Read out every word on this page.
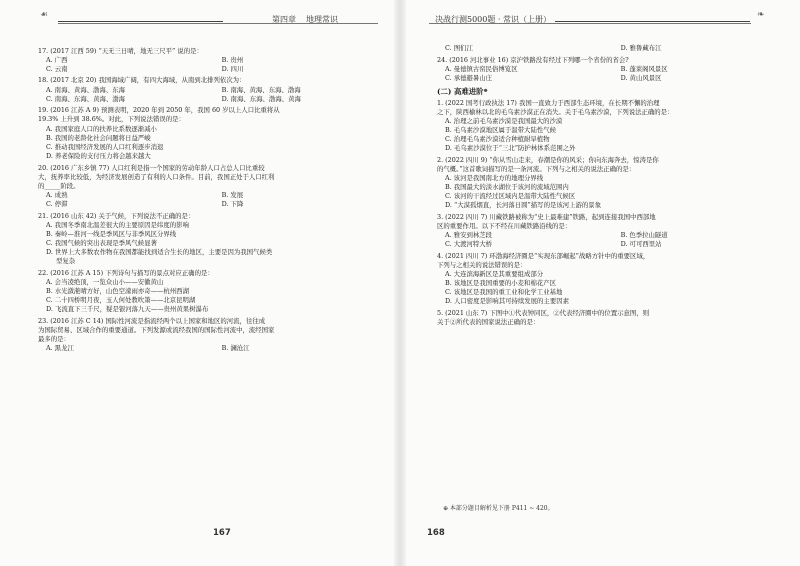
☙	第四章 地理常识
17. (2017 江西 59) “天无三日晴，地无三尺平” 说的是：
A. 广西	B. 贵州
C. 云南	D. 四川
18. (2017 北京 20) 我国海域广阔，有四大海域，从南到北排列依次为：
A. 南海、黄海、渤海、东海	B. 南海、黄海、东海、渤海
C. 南海、东海、黄海、渤海	D. 南海、东海、渤海、黄海
19. (2016 江苏 A 9) 预测表明，2020 年到 2050 年，我国 60 岁以上人口比重将从
19.3% 上升到 38.6%。对此，下列说法错误的是：
A. 我国家庭人口的扶养比系数逐渐减小
B. 我国的老龄化社会问题将日益严峻
C. 推动我国经济发展的人口红利逐步消退
D. 养老保险的支付压力将会越来越大
20. (2016 广东乡镇 77) 人口红利是指一个国家的劳动年龄人口占总人口比重较
大，抚养率比较低，为经济发展创造了有利的人口条件。目前，我国正处于人口红利
的_____阶段。
A. 成熟	B. 发展
C. 停滞	D. 下降
21. (2016 山东 42) 关于气候，下列说法不正确的是：
A. 我国冬季南北温差很大的主要原因是纬度的影响
B. 秦岭—淮河一线是季风区与非季风区分界线
C. 我国气候的突出表现是季风气候显著
D. 世界上大多数农作物在我国都能找到适合生长的地区，主要是因为我国气候类
型复杂
22. (2016 江苏 A 15) 下列诗句与描写的景点对应正确的是：
A. 会当凌绝顶，一览众山小——安徽黄山
B. 水光潋滟晴方好，山色空濛雨亦奇——杭州西湖
C. 二十四桥明月夜，玉人何处教吹箫——北京昆明湖
D. 飞流直下三千尺，疑是银河落九天——贵州黄果树瀑布
23. (2016 江苏 C 14) 国际性河流是指流经两个以上国家和地区的河流，往往成
为国际贸易、区域合作的重要通道。下列发源或流经我国的国际性河流中，流经国家
最多的是：
A. 黑龙江	B. 澜沧江
167
决战行测5000题 · 常识（上册）	❧
C. 图们江	D. 雅鲁藏布江
24. (2016 河北事业 16) 京沪铁路没有经过下列哪一个省份的省会?
A. 曼德镇古窑民俗博览区	B. 蓬莱阁风景区
C. 承德避暑山庄	D. 黄山风景区
(二) 高难进阶⊕
1. (2022 国考行政执法 17) 我国一直致力于西部生态环境，在长期不懈的治理
之下，陕西榆林以北的毛乌素沙漠正在消失。关于毛乌素沙漠，下列说法正确的是：
A. 治理之前毛乌素沙漠是我国最大的沙漠
B. 毛乌素沙漠地区属于温带大陆性气候
C. 治理毛乌素沙漠适合种植耐旱植物
D. 毛乌素沙漠位于“三北”防护林体系范围之外
2. (2022 四川 9) “你从雪山走来，春潮是你的风采；你向东海奔去，惊涛是你
的气概。”这首歌词描写的是一条河流。下列与之相关的说法正确的是：
A. 该河是我国南北方的地理分界线
B. 我国最大的淡水湖位于该河的流域范围内
C. 该河的干流经过区域内是温带大陆性气候区
D. “大漠孤烟直，长河落日圆”描写的是该河上游的景象
3. (2022 四川 7) 川藏铁路被称为“史上最难建”铁路，起到连接我国中西部地
区的重要作用。以下不经在川藏铁路沿线的是：
A. 雅安到林芝段	B. 色季拉山隧道
C. 大渡河特大桥	D. 可可西里站
4. (2021 四川 7) 环渤海经济圈是“实现东部崛起”战略方针中的重要区域，
下列与之相关的说法错误的是：
A. 大连滨海新区是其重要组成部分
B. 该地区是我国重要的小麦和棉花产区
C. 该地区是我国的重工业和化学工业基地
D. 人口密度是影响其可持续发展的主要因素
5. (2021 山东 7) 下图中①代表钟同区，②代表经济圈中的位置示意图，则
关于②所代表的国家说法正确的是：
⊕ 本部分题目解析见下册 P411 ~ 420。
168
